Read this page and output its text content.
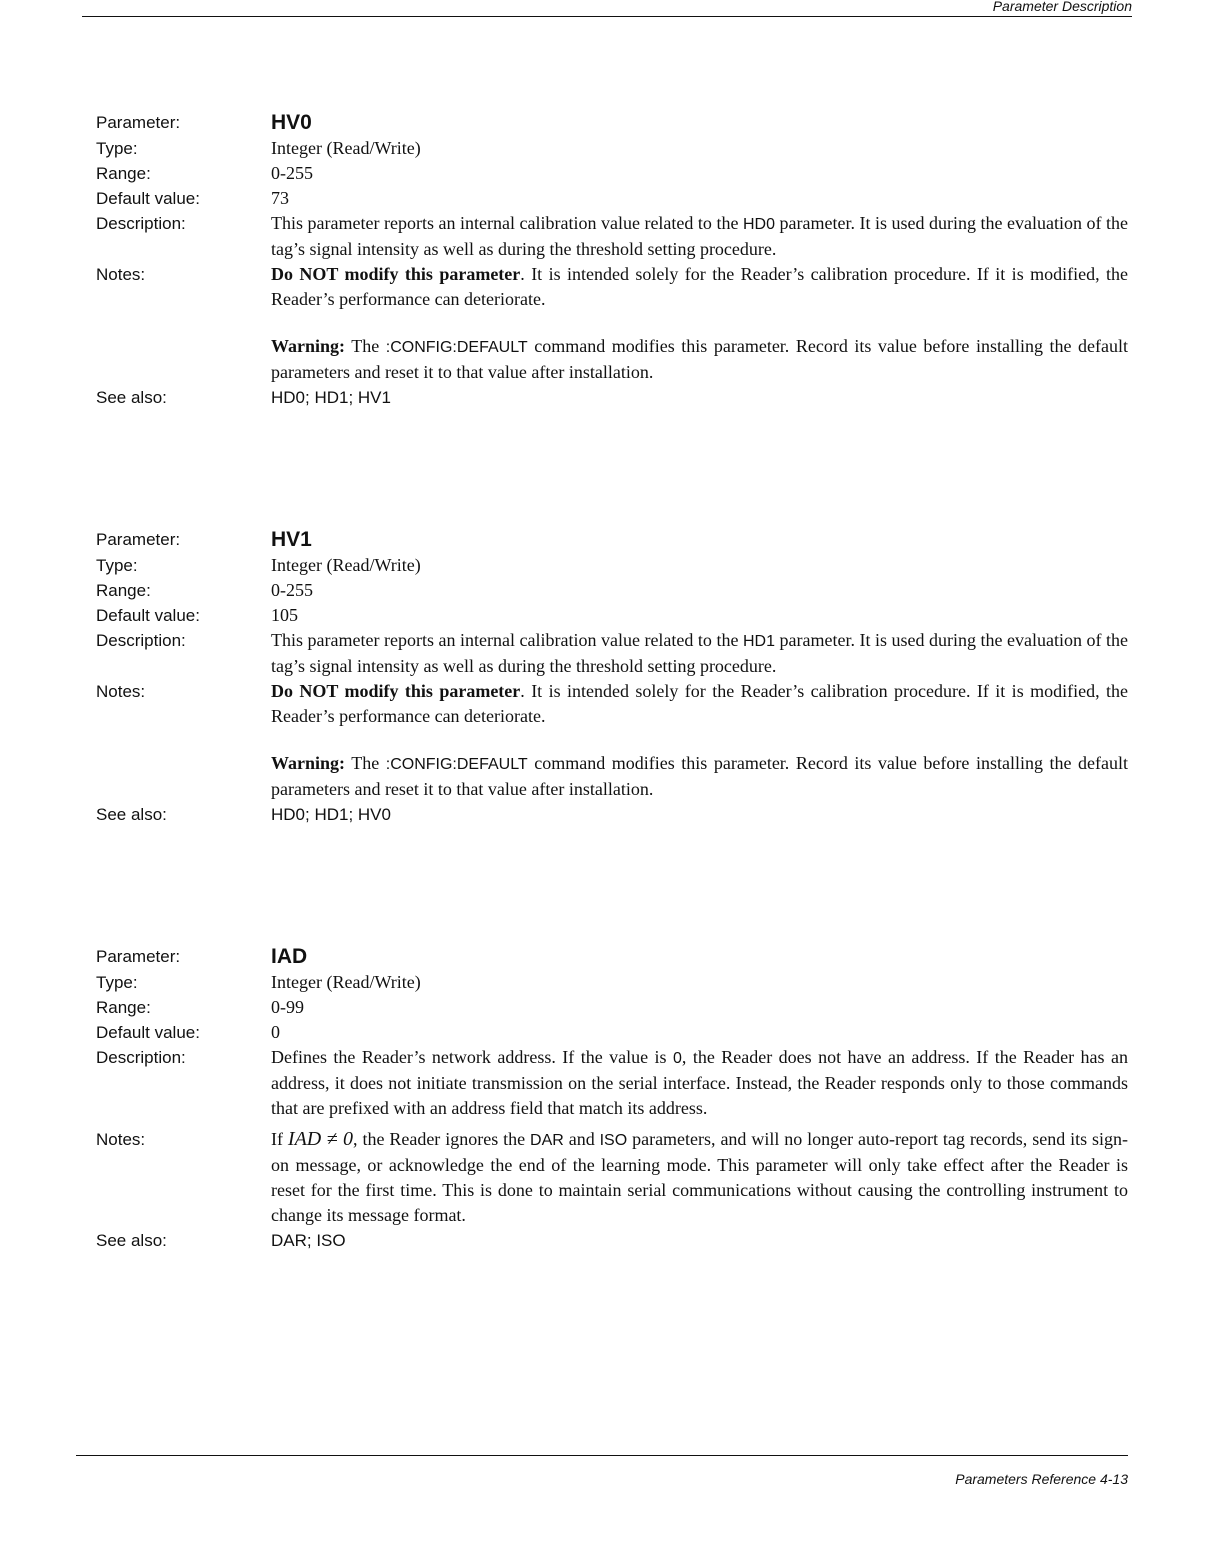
Parameter Description
Parameter:	HV0
Type:	Integer (Read/Write)
Range:	0-255
Default value:	73
Description:	This parameter reports an internal calibration value related to the HD0 parameter. It is used during the evaluation of the tag’s signal intensity as well as during the threshold setting procedure.
Notes:	Do NOT modify this parameter. It is intended solely for the Reader’s calibration procedure. If it is modified, the Reader’s performance can deteriorate.
Warning: The :CONFIG:DEFAULT command modifies this parameter. Record its value before installing the default parameters and reset it to that value after installation.
See also:	HD0; HD1; HV1
Parameter:	HV1
Type:	Integer (Read/Write)
Range:	0-255
Default value:	105
Description:	This parameter reports an internal calibration value related to the HD1 parameter. It is used during the evaluation of the tag’s signal intensity as well as during the threshold setting procedure.
Notes:	Do NOT modify this parameter. It is intended solely for the Reader’s calibration procedure. If it is modified, the Reader’s performance can deteriorate.
Warning: The :CONFIG:DEFAULT command modifies this parameter. Record its value before installing the default parameters and reset it to that value after installation.
See also:	HD0; HD1; HV0
Parameter:	IAD
Type:	Integer (Read/Write)
Range:	0-99
Default value:	0
Description:	Defines the Reader’s network address. If the value is 0, the Reader does not have an address. If the Reader has an address, it does not initiate transmission on the serial interface. Instead, the Reader responds only to those commands that are prefixed with an address field that match its address.
Notes:	If IAD ≠ 0, the Reader ignores the DAR and ISO parameters, and will no longer auto-report tag records, send its sign-on message, or acknowledge the end of the learning mode. This parameter will only take effect after the Reader is reset for the first time. This is done to maintain serial communications without causing the controlling instrument to change its message format.
See also:	DAR; ISO
Parameters Reference 4-13
